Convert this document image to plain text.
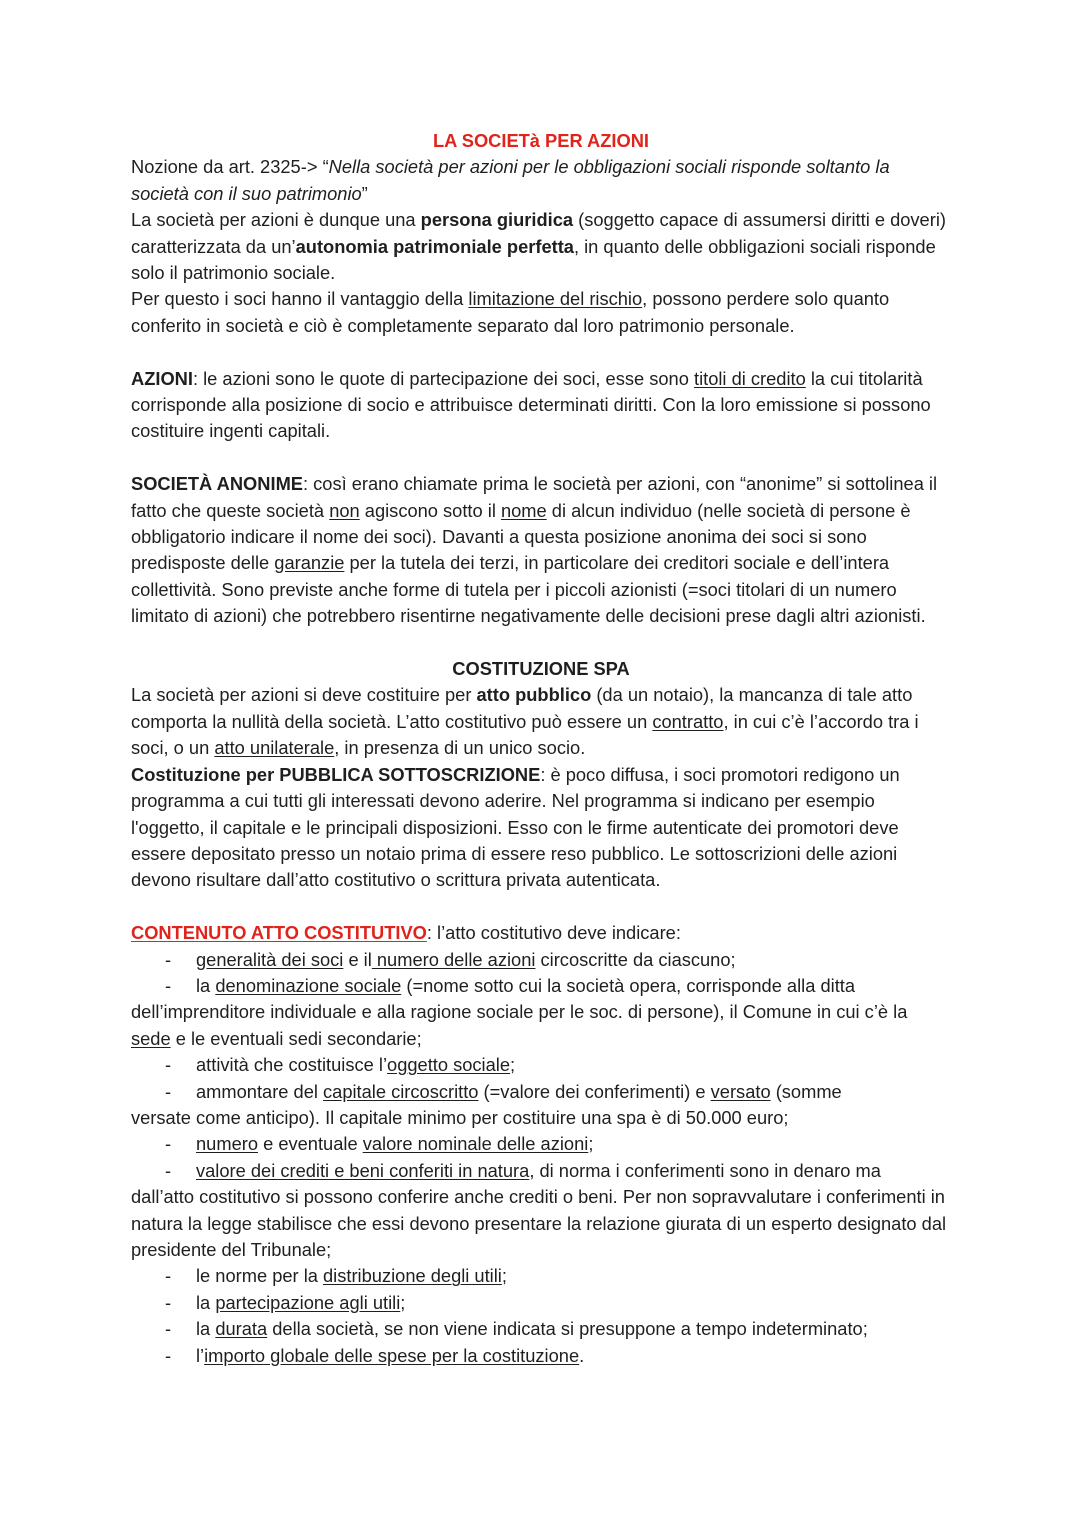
LA SOCIETà PER AZIONI

Nozione da art. 2325-> “Nella società per azioni per le obbligazioni sociali risponde soltanto la società con il suo patrimonio”

La società per azioni è dunque una persona giuridica (soggetto capace di assumersi diritti e doveri) caratterizzata da un’autonomia patrimoniale perfetta, in quanto delle obbligazioni sociali risponde solo il patrimonio sociale.

Per questo i soci hanno il vantaggio della limitazione del rischio, possono perdere solo quanto conferito in società e ciò è completamente separato dal loro patrimonio personale.

AZIONI: le azioni sono le quote di partecipazione dei soci, esse sono titoli di credito la cui titolarità corrisponde alla posizione di socio e attribuisce determinati diritti. Con la loro emissione si possono costituire ingenti capitali.

SOCIETÀ ANONIME: così erano chiamate prima le società per azioni, con “anonime” si sottolinea il fatto che queste società non agiscono sotto il nome di alcun individuo (nelle società di persone è obbligatorio indicare il nome dei soci). Davanti a questa posizione anonima dei soci si sono predisposte delle garanzie per la tutela dei terzi, in particolare dei creditori sociale e dell’intera collettività. Sono previste anche forme di tutela per i piccoli azionisti (=soci titolari di un numero limitato di azioni) che potrebbero risentirne negativamente delle decisioni prese dagli altri azionisti.

COSTITUZIONE SPA

La società per azioni si deve costituire per atto pubblico (da un notaio), la mancanza di tale atto comporta la nullità della società. L’atto costitutivo può essere un contratto, in cui c’è l’accordo tra i soci, o un atto unilaterale, in presenza di un unico socio.

Costituzione per PUBBLICA SOTTOSCRIZIONE: è poco diffusa, i soci promotori redigono un programma a cui tutti gli interessati devono aderire. Nel programma si indicano per esempio l'oggetto, il capitale e le principali disposizioni. Esso con le firme autenticate dei promotori deve essere depositato presso un notaio prima di essere reso pubblico. Le sottoscrizioni delle azioni devono risultare dall’atto costitutivo o scrittura privata autenticata.

CONTENUTO ATTO COSTITUTIVO: l’atto costitutivo deve indicare:

- generalità dei soci e il numero delle azioni circoscritte da ciascuno;
- la denominazione sociale (=nome sotto cui la società opera, corrisponde alla ditta
dell’imprenditore individuale e alla ragione sociale per le soc. di persone), il Comune in cui c’è la sede e le eventuali sedi secondarie;
- attività che costituisce l’oggetto sociale;
- ammontare del capitale circoscritto (=valore dei conferimenti) e versato (somme
versate come anticipo). Il capitale minimo per costituire una spa è di 50.000 euro;
- numero e eventuale valore nominale delle azioni;
- valore dei crediti e beni conferiti in natura, di norma i conferimenti sono in denaro ma
dall’atto costitutivo si possono conferire anche crediti o beni. Per non sopravvalutare i conferimenti in natura la legge stabilisce che essi devono presentare la relazione giurata di un esperto designato dal presidente del Tribunale;
- le norme per la distribuzione degli utili;
- la partecipazione agli utili;
- la durata della società, se non viene indicata si presuppone a tempo indeterminato;
- l’importo globale delle spese per la costituzione.
